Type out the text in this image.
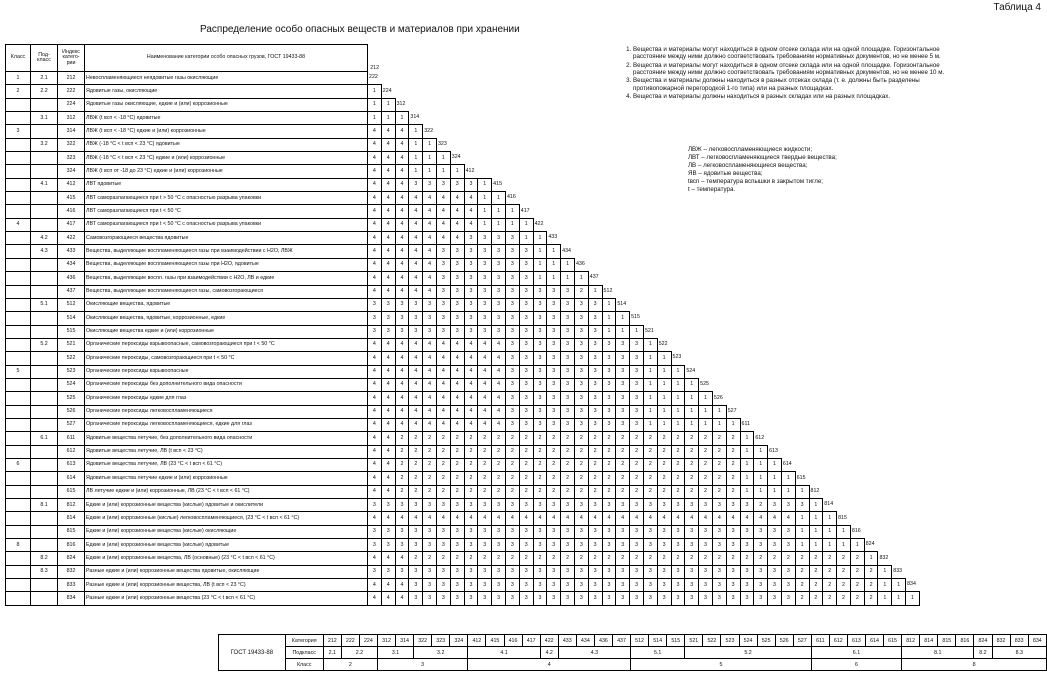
Таблица 4
Распределение особо опасных веществ и материалов при хранении
Класс	Под-класс	Индекс катего-рии	Наименование категории особо опасных грузов, ГОСТ 19433-88	212																																							
1	2.1	212	Невоспламеняющиеся неядовитые газы окисляющие	222																																							
2	2.2	222	Ядовитые газы, окисляющие	1	224																																						
		224	Ядовитые газы окисляющие, едкие и (или) коррозионные	1	1	312																																					
	3.1	312	ЛВЖ (t всп < -18 °С) ядовитые	1	1	1	314																																				
3		314	ЛВЖ (t всп < -18 °С) едкие и (или) коррозионные	4	4	4	1	322																																			
	3.2	322	ЛВЖ (-18 °С < t всп < 23 °С) ядовитые	4	4	4	1	1	323																																		
		323	ЛВЖ (-18 °С < t всп < 23 °С) едкие и (или) коррозионные	4	4	4	1	1	1	324																																	
		324	ЛВЖ (t всп от -18 до 23 °С) едкие и (или) коррозионные	4	4	4	1	1	1	1	412																																
	4.1	412	ЛВТ ядовитые	4	4	4	3	3	3	3	3	1	415																														
		415	ЛВТ саморазлагающиеся при t > 50 °С с опасностью разрыва упаковки	4	4	4	4	4	4	4	4	1	1	416																													
		416	ЛВТ саморазлагающиеся при t < 50 °С	4	4	4	4	4	4	4	4	1	1	1	417																												
4		417	ЛВТ саморазлагающиеся при t < 50 °С с опасностью разрыва упаковки	4	4	4	4	4	4	4	4	1	1	1	1	422																											
	4.2	422	Самовозгорающиеся вещества ядовитые	4	4	4	4	4	4	4	3	3	3	3	1	1	433																										
	4.3	433	Вещества, выделяющие воспламеняющиеся газы при взаимодействии с H2O, ЛВЖ	4	4	4	4	4	3	3	3	3	3	3	3	1	1	434																									
		434	Вещества, выделяющие воспламеняющиеся газы при H2O, ядовитые	4	4	4	4	4	3	3	3	3	3	3	3	1	1	1	436																								
		436	Вещества, выделяющие воспл. газы при взаимодействии с H2O, ЛВ и едкие	4	4	4	4	4	3	3	3	3	3	3	3	1	1	1	1	437																							
		437	Вещества, выделяющие воспламеняющиеся газы, самовозгорающиеся	4	4	4	4	4	3	3	3	3	3	3	3	3	3	3	2	1	512																						
	5.1	512	Окисляющие вещества, ядовитые	3	3	3	3	3	3	3	3	3	3	3	3	3	3	3	3	3	1	514																					
		514	Окисляющие вещества, ядовитые, коррозионные, едкие	3	3	3	3	3	3	3	3	3	3	3	3	3	3	3	3	3	1	1	515																				
		515	Окисляющие вещества едкие и (или) коррозионные	3	3	3	3	3	3	3	3	3	3	3	3	3	3	3	3	3	1	1	1	521																			
	5.2	521	Органические пероксиды взрывоопасные, самовозгорающиеся при t < 50 °С	4	4	4	4	4	4	4	4	4	4	3	3	3	3	3	3	3	3	3	3	1	522																		
		522	Органические пероксиды, самовозгорающиеся при t < 50 °С	4	4	4	4	4	4	4	4	4	4	3	3	3	3	3	3	3	3	3	3	1	1	523																	
5		523	Органические пероксиды взрывоопасные	4	4	4	4	4	4	4	4	4	4	3	3	3	3	3	3	3	3	3	3	1	1	1	524																
		524	Органические пероксиды без дополнительного вида опасности	4	4	4	4	4	4	4	4	4	4	3	3	3	3	3	3	3	3	3	3	1	1	1	1	525															
		525	Органические пероксиды едкие для глаз	4	4	4	4	4	4	4	4	4	4	3	3	3	3	3	3	3	3	3	3	1	1	1	1	1	526														
		526	Органические пероксиды легковоспламеняющиеся	4	4	4	4	4	4	4	4	4	4	3	3	3	3	3	3	3	3	3	3	1	1	1	1	1	1	527													
		527	Органические пероксиды легковоспламеняющиеся, едкие для глаз	4	4	4	4	4	4	4	4	4	4	3	3	3	3	3	3	3	3	3	3	1	1	1	1	1	1	1	611												
	6.1	611	Ядовитые вещества летучие, без дополнительного вида опасности	4	4	2	2	2	2	2	2	2	2	2	2	2	2	2	2	2	2	2	2	2	2	2	2	2	2	2	1	612											
		612	Ядовитые вещества летучие, ЛВ (t всп < 23 °С)	4	4	2	2	2	2	2	2	2	2	2	2	2	2	2	2	2	2	2	2	2	2	2	2	2	2	2	1	1	613										
6		613	Ядовитые вещества летучие, ЛВ (23 °С < t всп < 61 °С)	4	4	2	2	2	2	2	2	2	2	2	2	2	2	2	2	2	2	2	2	2	2	2	2	2	2	2	1	1	1	614									
		614	Ядовитые вещества летучие едкие и (или) коррозионные	4	4	2	2	2	2	2	2	2	2	2	2	2	2	2	2	2	2	2	2	2	2	2	2	2	2	2	1	1	1	1	615								
		615	ЛВ летучие едкие и (или) коррозионные, ЛВ (23 °С < t всп < 61 °С)	4	4	2	2	2	2	2	2	2	2	2	2	2	2	2	2	2	2	2	2	2	2	2	2	2	2	2	1	1	1	1	1	812							
	8.1	812	Едкие и (или) коррозионные вещества (кислые) ядовитые и окислители	3	3	3	3	3	3	3	3	3	3	3	3	3	3	3	3	3	3	3	3	3	3	3	3	3	3	3	3	2	3	3	3	1	814						
		814	Едкие и (или) коррозионные (кислые) легковоспламеняющиеся, (23 °С < t всп < 61 °С)	4	4	4	4	4	4	4	4	4	4	4	4	4	4	4	4	4	4	4	4	4	4	4	4	4	4	4	4	4	4	4	1	1	1	815					
		815	Едкие и (или) коррозионные вещества (кислые) окисляющие	3	3	3	3	3	3	3	3	3	3	3	3	3	3	3	3	3	3	3	3	3	3	3	3	3	3	3	3	3	3	3	1	1	1	1	816				
8		816	Едкие и (или) коррозионные вещества (кислые) ядовитые	3	3	3	3	3	3	3	3	3	3	3	3	3	3	3	3	3	3	3	3	3	3	3	3	3	3	3	3	3	3	3	1	1	1	1	1	824			
	8.2	824	Едкие и (или) коррозионные вещества, ЛВ (основные) (23 °С < t всп < 61 °С)	4	4	4	2	2	2	2	2	2	2	2	2	2	2	2	2	2	2	2	2	2	2	2	2	2	2	2	2	2	2	2	2	2	2	2	2	1	832		
	8.3	832	Разные едкие и (или) коррозионные вещества ядовитые, окисляющие	3	3	3	3	3	3	3	3	3	3	3	3	3	3	3	3	3	3	3	3	3	3	3	3	3	3	3	3	3	3	3	2	2	2	2	2	2	1	833	
		833	Разные едкие и (или) коррозионные вещества, ЛВ (t всп < 23 °С)	4	4	4	3	3	3	3	3	3	3	3	3	3	3	3	3	3	3	3	3	3	3	3	3	3	3	3	3	3	3	3	2	2	2	2	2	2	1	1	834
		834	Разные едкие и (или) коррозионные вещества (23 °С < t всп < 61 °С)	4	4	4	3	3	3	3	3	3	3	3	3	3	3	3	3	3	3	3	3	3	3	3	3	3	3	3	3	3	3	3	2	2	2	2	2	2	1	1	1
1. Вещества и материалы могут находиться в одном отсеке склада или на одной площадке. Горизонтальное расстояние между ними должно соответствовать требованиям нормативных документов, но не менее 5 м.
2. Вещества и материалы могут находиться в одном отсеке склада или на одной площадке. Горизонтальное расстояние между ними должно соответствовать требованиям нормативных документов, но не менее 10 м.
3. Вещества и материалы должны находиться в разных отсеках склада (т. е. должны быть разделены противопожарной перегородкой 1-го типа) или на разных площадках.
4. Вещества и материалы должны находиться в разных складах или на разных площадках.
ЛВЖ – легковоспламеняющиеся жидкости;
ЛВТ – легковоспламеняющиеся твердые вещества;
ЛВ – легковоспламеняющиеся вещества;
ЯВ – ядовитые вещества;
tвсп – температура вспышки в закрытом тигле;
t – температура.
ГОСТ 19433-88	Категория	212	222	224	312	314	322	323	324	412	415	416	417	422	433	434	436	437	512	514	515	521	522	523	524	525	526	527	611	612	613	614	615	812	814	815	816	824	832	833	834
	Подкласс	2.1	2.2		3.1		3.2			4.1				4.2	4.3				5.1			5.2							6.1					8.1				8.2	8.3		
	Класс	2			3					4									5										6					8							
